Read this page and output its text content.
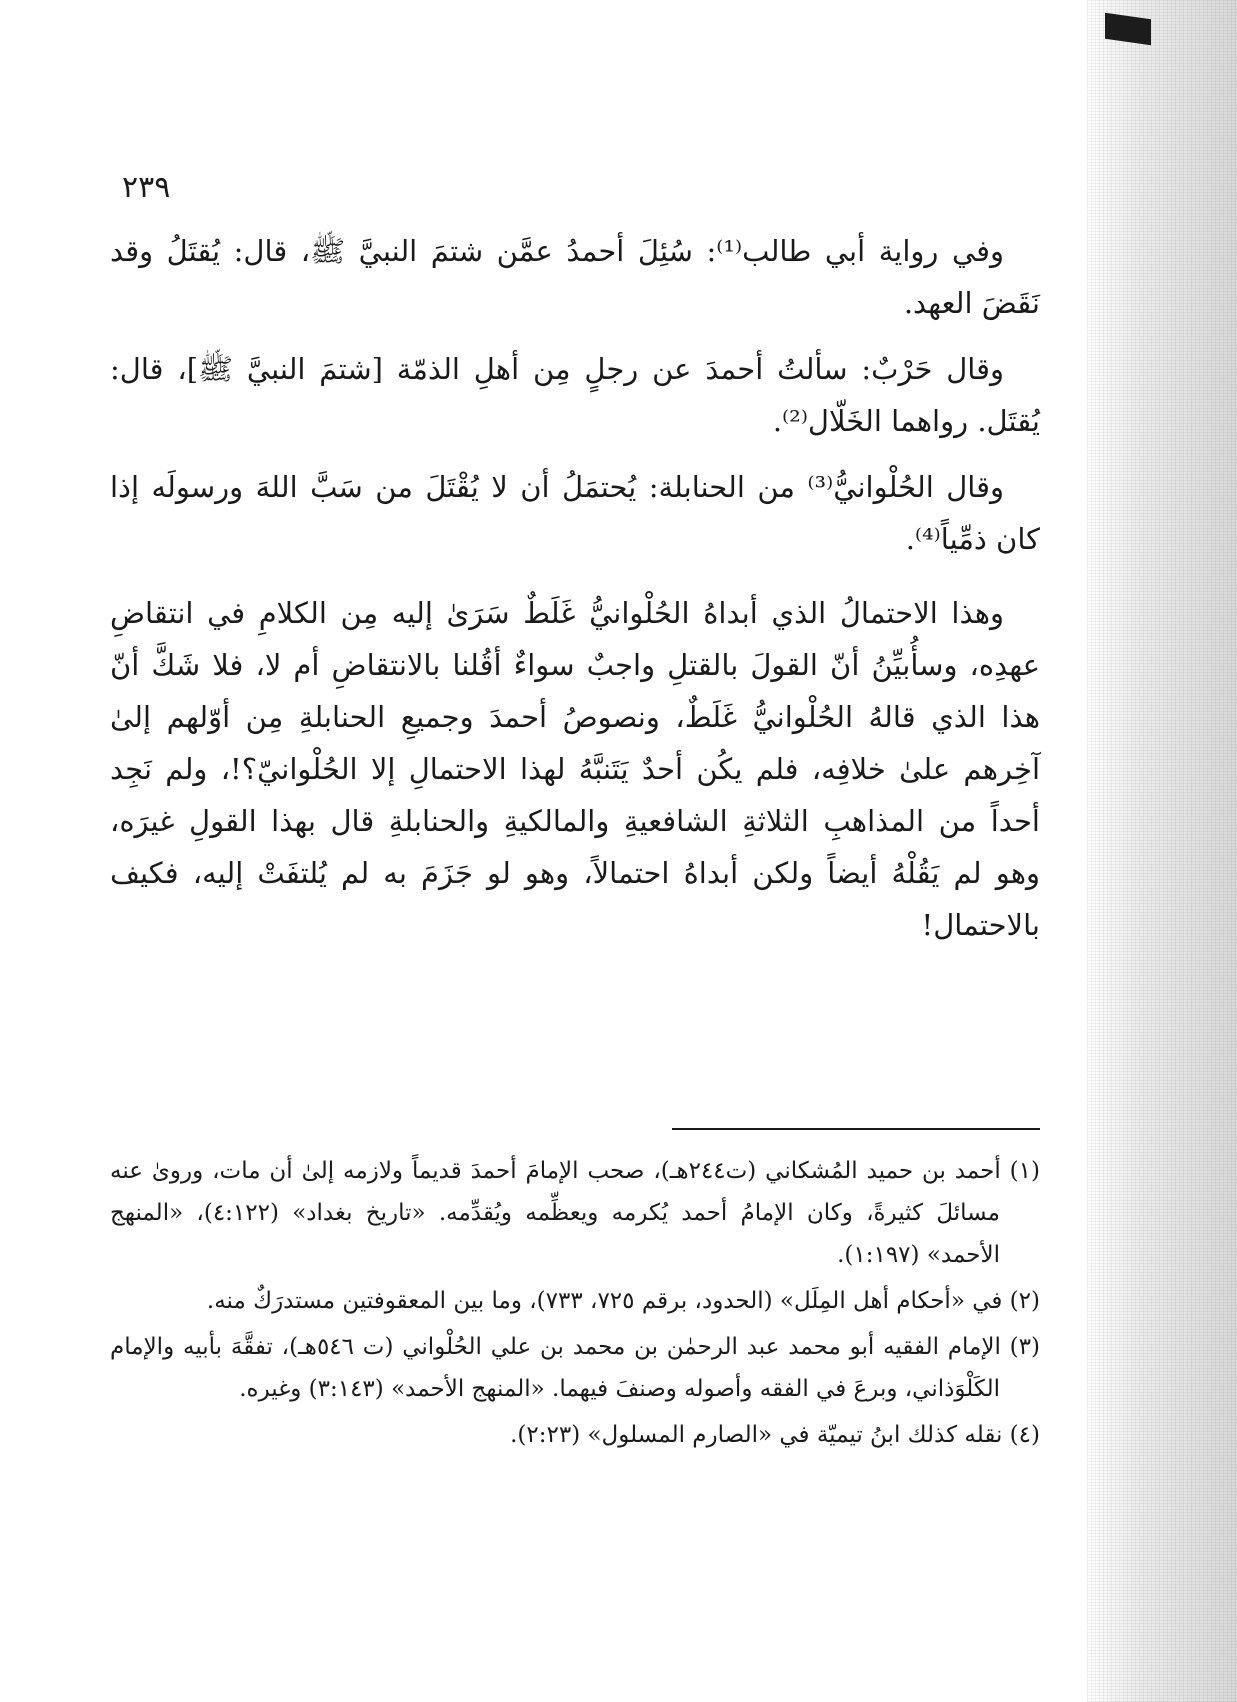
٢٣٩

وفي رواية أبي طالب⁽¹⁾: سُئِلَ أحمدُ عمَّن شتمَ النبيَّ ﷺ، قال: يُقتَلُ وقد نَقَضَ العهد.

وقال حَرْبٌ: سألتُ أحمدَ عن رجلٍ مِن أهلِ الذمّة [شتمَ النبيَّ ﷺ]، قال: يُقتَل. رواهما الخَلّال⁽²⁾.

وقال الحُلْوانيُّ⁽³⁾ من الحنابلة: يُحتمَلُ أن لا يُقْتَلَ من سَبَّ اللهَ ورسولَه إذا كان ذمِّياً⁽⁴⁾.

وهذا الاحتمالُ الذي أبداهُ الحُلْوانيُّ غَلَطٌ سَرَىٰ إليه مِن الكلامِ في انتقاضِ عهدِه، وسأُبيِّنُ أنّ القولَ بالقتلِ واجبٌ سواءٌ أقُلنا بالانتقاضِ أم لا، فلا شَكَّ أنّ هذا الذي قالهُ الحُلْوانيُّ غَلَطٌ، ونصوصُ أحمدَ وجميعِ الحنابلةِ مِن أوّلهم إلىٰ آخِرهم علىٰ خلافِه، فلم يكُن أحدٌ يَتَنبَّهُ لهذا الاحتمالِ إلا الحُلْوانيّ؟!، ولم نَجِد أحداً من المذاهبِ الثلاثةِ الشافعيةِ والمالكيةِ والحنابلةِ قال بهذا القولِ غيرَه، وهو لم يَقُلْهُ أيضاً ولكن أبداهُ احتمالاً، وهو لو جَزَمَ به لم يُلتفَتْ إليه، فكيف بالاحتمال!

(١) أحمد بن حميد المُشكاني (ت٢٤٤هـ)، صحب الإمامَ أحمدَ قديماً ولازمه إلىٰ أن مات، وروىٰ عنه مسائلَ كثيرةً، وكان الإمامُ أحمد يُكرمه ويعظِّمه ويُقدِّمه. «تاريخ بغداد» (٤:١٢٢)، «المنهج الأحمد» (١:١٩٧).

(٢) في «أحكام أهل المِلَل» (الحدود، برقم ٧٢٥، ٧٣٣)، وما بين المعقوفتين مستدرَكٌ منه.

(٣) الإمام الفقيه أبو محمد عبد الرحمٰن بن محمد بن علي الحُلْواني (ت ٥٤٦هـ)، تفقَّهَ بأبيه والإمام الكَلْوَذاني، وبرعَ في الفقه وأصوله وصنفَ فيهما. «المنهج الأحمد» (٣:١٤٣) وغيره.

(٤) نقله كذلك ابنُ تيميّة في «الصارم المسلول» (٢:٢٣).
